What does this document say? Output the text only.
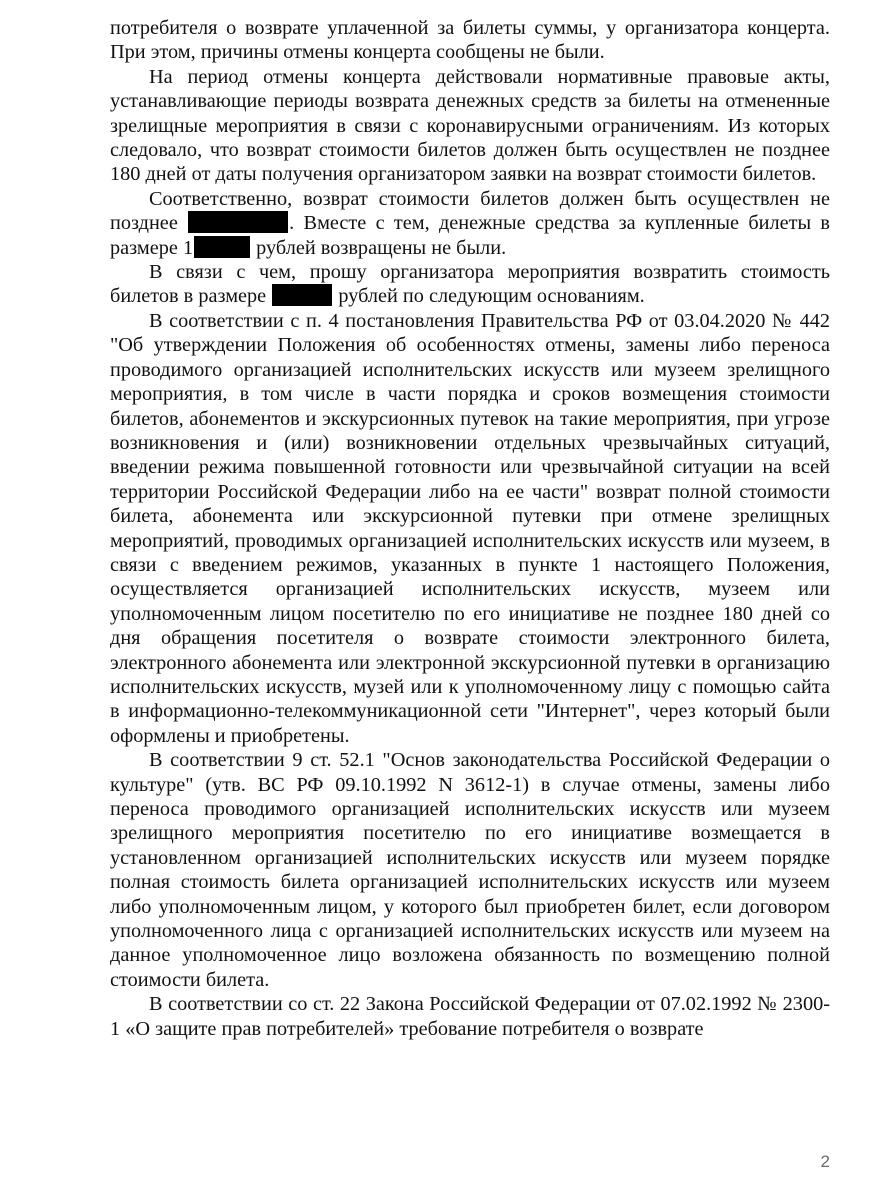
потребителя о возврате уплаченной за билеты суммы, у организатора концерта. При этом, причины отмены концерта сообщены не были.

На период отмены концерта действовали нормативные правовые акты, устанавливающие периоды возврата денежных средств за билеты на отмененные зрелищные мероприятия в связи с коронавирусными ограничениям. Из которых следовало, что возврат стоимости билетов должен быть осуществлен не позднее 180 дней от даты получения организатором заявки на возврат стоимости билетов.

Соответственно, возврат стоимости билетов должен быть осуществлен не позднее	. Вместе с тем, денежные средства за купленные билеты в размере 1	рублей возвращены не были.

В связи с чем, прошу организатора мероприятия возвратить стоимость билетов в размере	рублей по следующим основаниям.

В соответствии с п. 4 постановления Правительства РФ от 03.04.2020 № 442 "Об утверждении Положения об особенностях отмены, замены либо переноса проводимого организацией исполнительских искусств или музеем зрелищного мероприятия, в том числе в части порядка и сроков возмещения стоимости билетов, абонементов и экскурсионных путевок на такие мероприятия, при угрозе возникновения и (или) возникновении отдельных чрезвычайных ситуаций, введении режима повышенной готовности или чрезвычайной ситуации на всей территории Российской Федерации либо на ее части" возврат полной стоимости билета, абонемента или экскурсионной путевки при отмене зрелищных мероприятий, проводимых организацией исполнительских искусств или музеем, в связи с введением режимов, указанных в пункте 1 настоящего Положения, осуществляется организацией исполнительских искусств, музеем или уполномоченным лицом посетителю по его инициативе не позднее 180 дней со дня обращения посетителя о возврате стоимости электронного билета, электронного абонемента или электронной экскурсионной путевки в организацию исполнительских искусств, музей или к уполномоченному лицу с помощью сайта в информационно-телекоммуникационной сети "Интернет", через который были оформлены и приобретены.

В соответствии 9 ст. 52.1 "Основ законодательства Российской Федерации о культуре" (утв. ВС РФ 09.10.1992 N 3612-1) в случае отмены, замены либо переноса проводимого организацией исполнительских искусств или музеем зрелищного мероприятия посетителю по его инициативе возмещается в установленном организацией исполнительских искусств или музеем порядке полная стоимость билета организацией исполнительских искусств или музеем либо уполномоченным лицом, у которого был приобретен билет, если договором уполномоченного лица с организацией исполнительских искусств или музеем на данное уполномоченное лицо возложена обязанность по возмещению полной стоимости билета.

В соответствии со ст. 22 Закона Российской Федерации от 07.02.1992 № 2300-1 «О защите прав потребителей» требование потребителя о возврате

2
